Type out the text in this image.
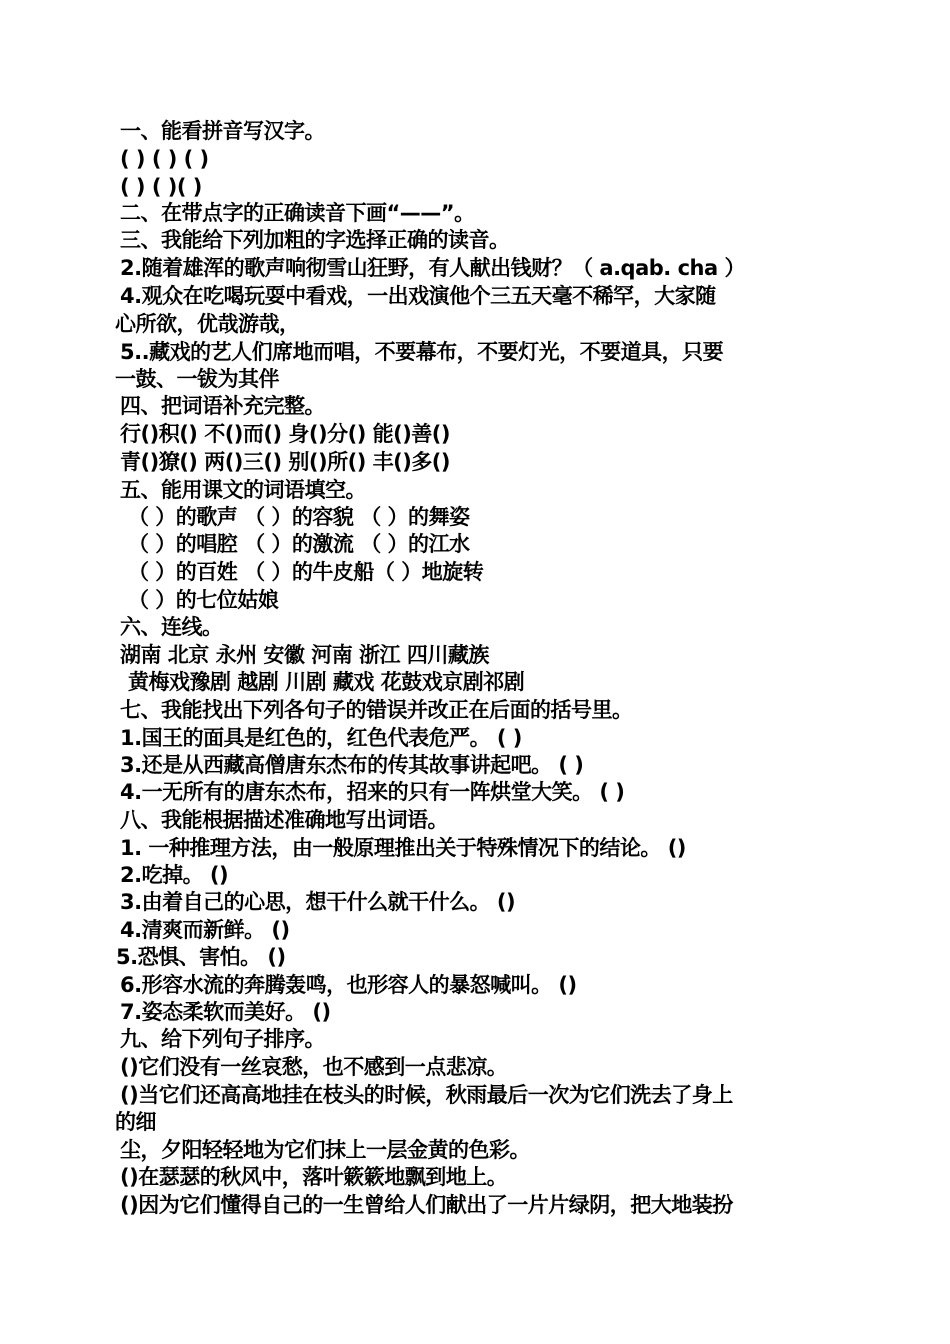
一、能看拼音写汉字。
( ) ( ) ( )
( ) ( )( )
二、在带点字的正确读音下画“——”。
三、我能给下列加粗的字选择正确的读音。
2.随着雄浑的歌声响彻雪山狂野，有人献出钱财？（ a.qab. cha ）
4.观众在吃喝玩耍中看戏，一出戏演他个三五天毫不稀罕，大家随
心所欲，优哉游哉，
5..藏戏的艺人们席地而唱，不要幕布，不要灯光，不要道具，只要
一鼓、一钹为其伴
四、把词语补充完整。
行()积() 不()而() 身()分() 能()善()
青()獠() 两()三() 别()所() 丰()多()
五、能用课文的词语填空。
（ ）的歌声 （ ）的容貌 （ ）的舞姿
（ ）的唱腔 （ ）的激流 （ ）的江水
（ ）的百姓 （ ）的牛皮船（ ）地旋转
（ ）的七位姑娘
六、连线。
湖南 北京 永州 安徽 河南 浙江 四川藏族
黄梅戏豫剧 越剧 川剧 藏戏 花鼓戏京剧祁剧
七、我能找出下列各句子的错误并改正在后面的括号里。
1.国王的面具是红色的，红色代表危严。 ( )
3.还是从西藏高僧唐东杰布的传其故事讲起吧。 ( )
4.一无所有的唐东杰布，招来的只有一阵烘堂大笑。 ( )
八、我能根据描述准确地写出词语。
1. 一种推理方法，由一般原理推出关于特殊情况下的结论。 ()
2.吃掉。 ()
3.由着自己的心思，想干什么就干什么。 ()
4.清爽而新鲜。 ()
5.恐惧、害怕。 ()
6.形容水流的奔腾轰鸣，也形容人的暴怒喊叫。 ()
7.姿态柔软而美好。 ()
九、给下列句子排序。
()它们没有一丝哀愁，也不感到一点悲凉。
()当它们还高高地挂在枝头的时候，秋雨最后一次为它们洗去了身上
的细
尘，夕阳轻轻地为它们抹上一层金黄的色彩。
()在瑟瑟的秋风中，落叶簌簌地飘到地上。
()因为它们懂得自己的一生曾给人们献出了一片片绿阴，把大地装扮
